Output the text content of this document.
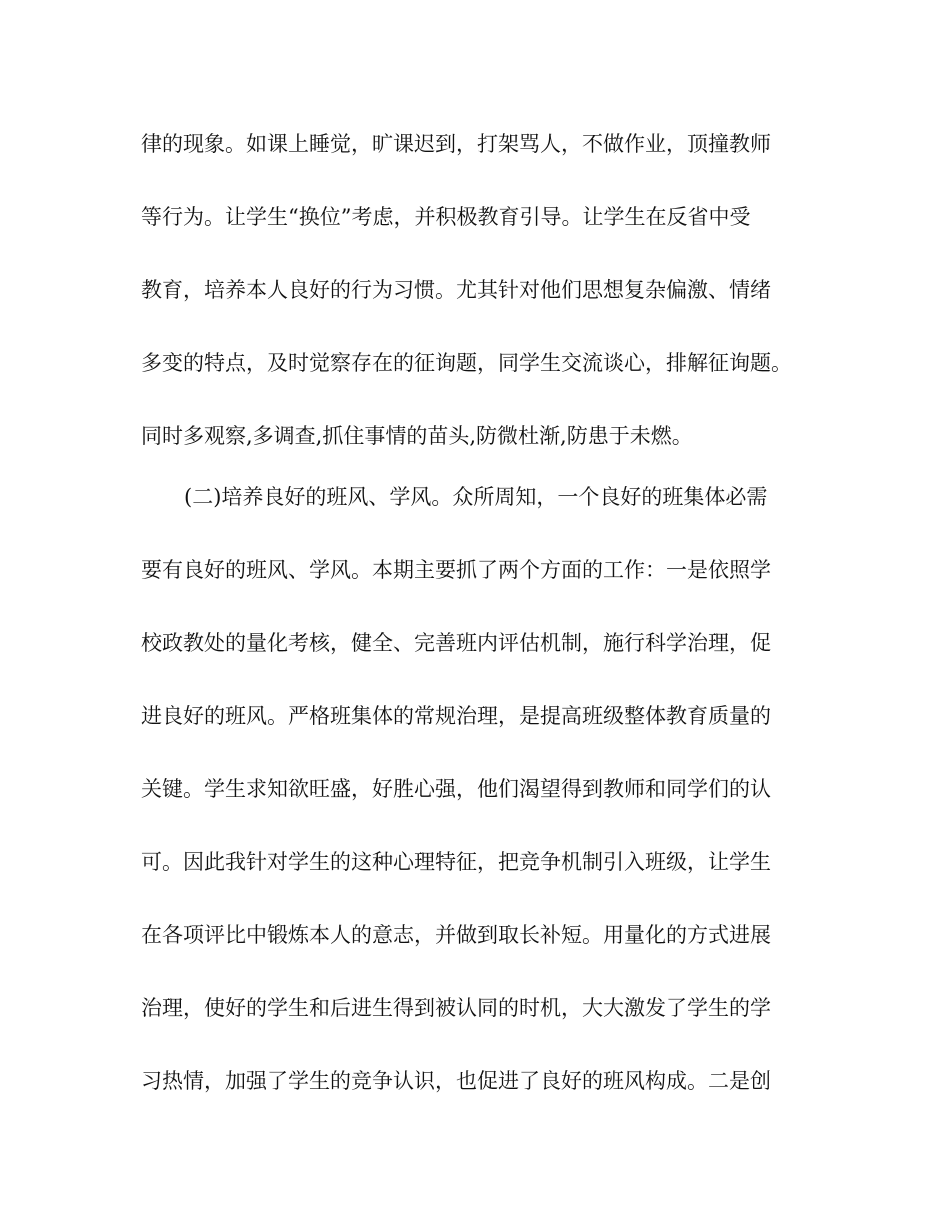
律的现象。如课上睡觉，旷课迟到，打架骂人，不做作业，顶撞教师

等行为。让学生“换位”考虑，并积极教育引导。让学生在反省中受

教育，培养本人良好的行为习惯。尤其针对他们思想复杂偏激、情绪

多变的特点，及时觉察存在的征询题，同学生交流谈心，排解征询题。

同时多观察,多调查,抓住事情的苗头,防微杜渐,防患于未燃。

(二)培养良好的班风、学风。众所周知，一个良好的班集体必需

要有良好的班风、学风。本期主要抓了两个方面的工作：一是依照学

校政教处的量化考核，健全、完善班内评估机制，施行科学治理，促

进良好的班风。严格班集体的常规治理，是提高班级整体教育质量的

关键。学生求知欲旺盛，好胜心强，他们渴望得到教师和同学们的认

可。因此我针对学生的这种心理特征，把竞争机制引入班级，让学生

在各项评比中锻炼本人的意志，并做到取长补短。用量化的方式进展

治理，使好的学生和后进生得到被认同的时机，大大激发了学生的学

习热情，加强了学生的竞争认识，也促进了良好的班风构成。二是创
